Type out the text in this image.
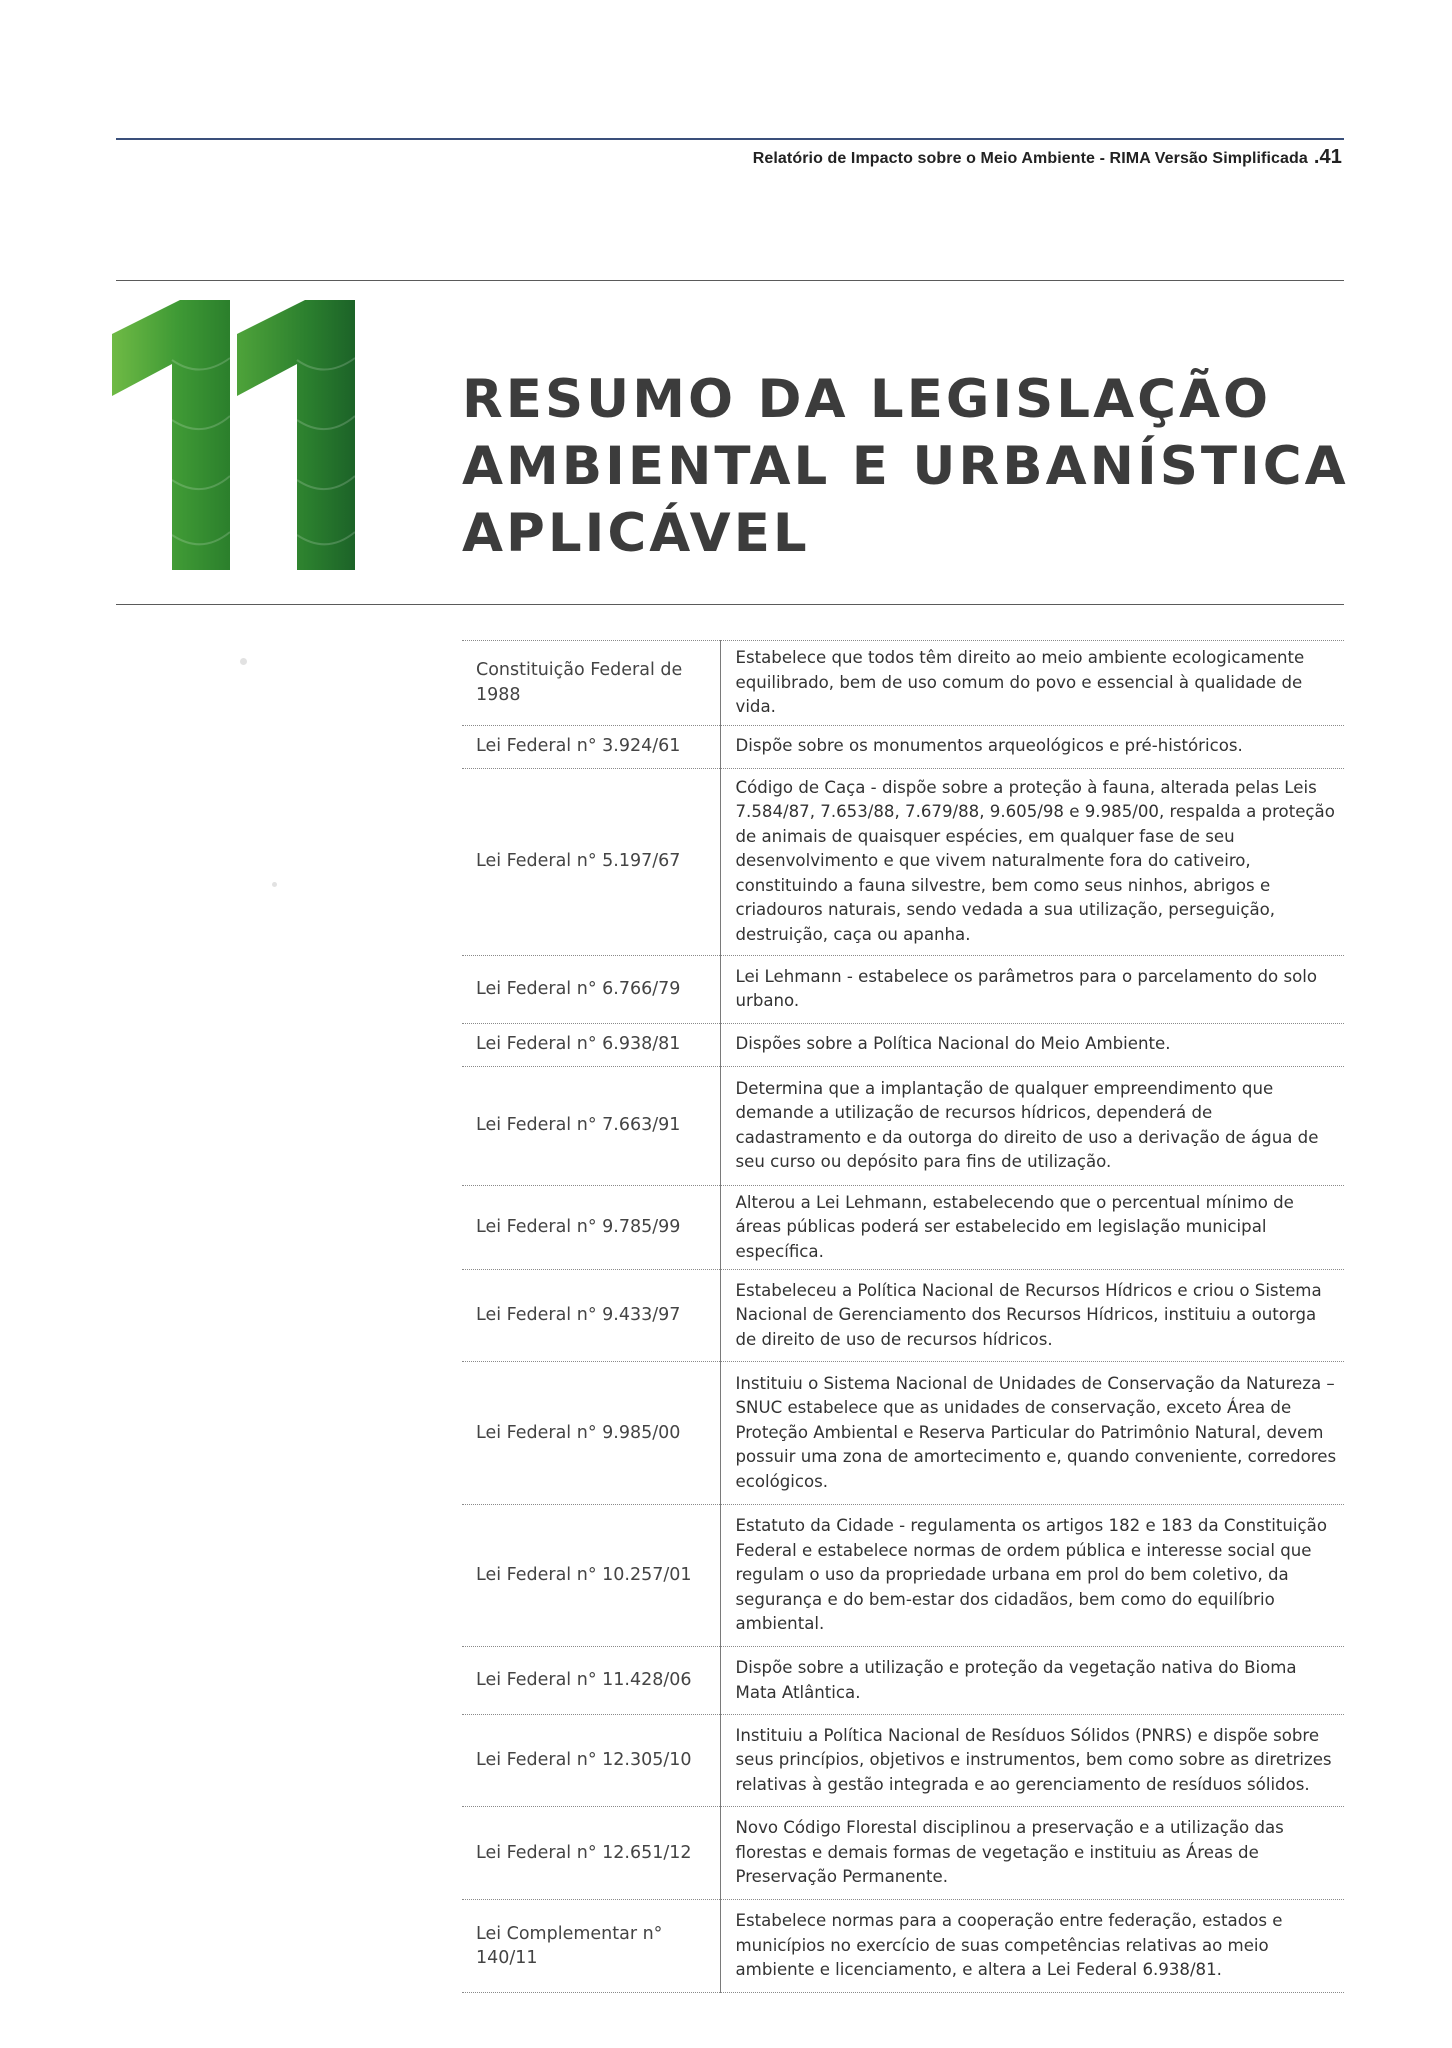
Relatório de Impacto sobre o Meio Ambiente - RIMA Versão Simplificada .41
11
RESUMO DA LEGISLAÇÃO
AMBIENTAL E URBANÍSTICA
APLICÁVEL
Constituição Federal de 1988	Estabelece que todos têm direito ao meio ambiente ecologicamente equilibrado, bem de uso comum do povo e essencial à qualidade de vida.
Lei Federal n° 3.924/61	Dispõe sobre os monumentos arqueológicos e pré-históricos.
Lei Federal n° 5.197/67	Código de Caça - dispõe sobre a proteção à fauna, alterada pelas Leis 7.584/87, 7.653/88, 7.679/88, 9.605/98 e 9.985/00, respalda a proteção de animais de quaisquer espécies, em qualquer fase de seu desenvolvimento e que vivem naturalmente fora do cativeiro, constituindo a fauna silvestre, bem como seus ninhos, abrigos e criadouros naturais, sendo vedada a sua utilização, perseguição, destruição, caça ou apanha.
Lei Federal n° 6.766/79	Lei Lehmann - estabelece os parâmetros para o parcelamento do solo urbano.
Lei Federal n° 6.938/81	Dispões sobre a Política Nacional do Meio Ambiente.
Lei Federal n° 7.663/91	Determina que a implantação de qualquer empreendimento que demande a utilização de recursos hídricos, dependerá de cadastramento e da outorga do direito de uso a derivação de água de seu curso ou depósito para fins de utilização.
Lei Federal n° 9.785/99	Alterou a Lei Lehmann, estabelecendo que o percentual mínimo de áreas públicas poderá ser estabelecido em legislação municipal específica.
Lei Federal n° 9.433/97	Estabeleceu a Política Nacional de Recursos Hídricos e criou o Sistema Nacional de Gerenciamento dos Recursos Hídricos, instituiu a outorga de direito de uso de recursos hídricos.
Lei Federal n° 9.985/00	Instituiu o Sistema Nacional de Unidades de Conservação da Natureza – SNUC estabelece que as unidades de conservação, exceto Área de Proteção Ambiental e Reserva Particular do Patrimônio Natural, devem possuir uma zona de amortecimento e, quando conveniente, corredores ecológicos.
Lei Federal n° 10.257/01	Estatuto da Cidade - regulamenta os artigos 182 e 183 da Constituição Federal e estabelece normas de ordem pública e interesse social que regulam o uso da propriedade urbana em prol do bem coletivo, da segurança e do bem-estar dos cidadãos, bem como do equilíbrio ambiental.
Lei Federal n° 11.428/06	Dispõe sobre a utilização e proteção da vegetação nativa do Bioma Mata Atlântica.
Lei Federal n° 12.305/10	Instituiu a Política Nacional de Resíduos Sólidos (PNRS) e dispõe sobre seus princípios, objetivos e instrumentos, bem como sobre as diretrizes relativas à gestão integrada e ao gerenciamento de resíduos sólidos.
Lei Federal n° 12.651/12	Novo Código Florestal disciplinou a preservação e a utilização das florestas e demais formas de vegetação e instituiu as Áreas de Preservação Permanente.
Lei Complementar n° 140/11	Estabelece normas para a cooperação entre federação, estados e municípios no exercício de suas competências relativas ao meio ambiente e licenciamento, e altera a Lei Federal 6.938/81.
